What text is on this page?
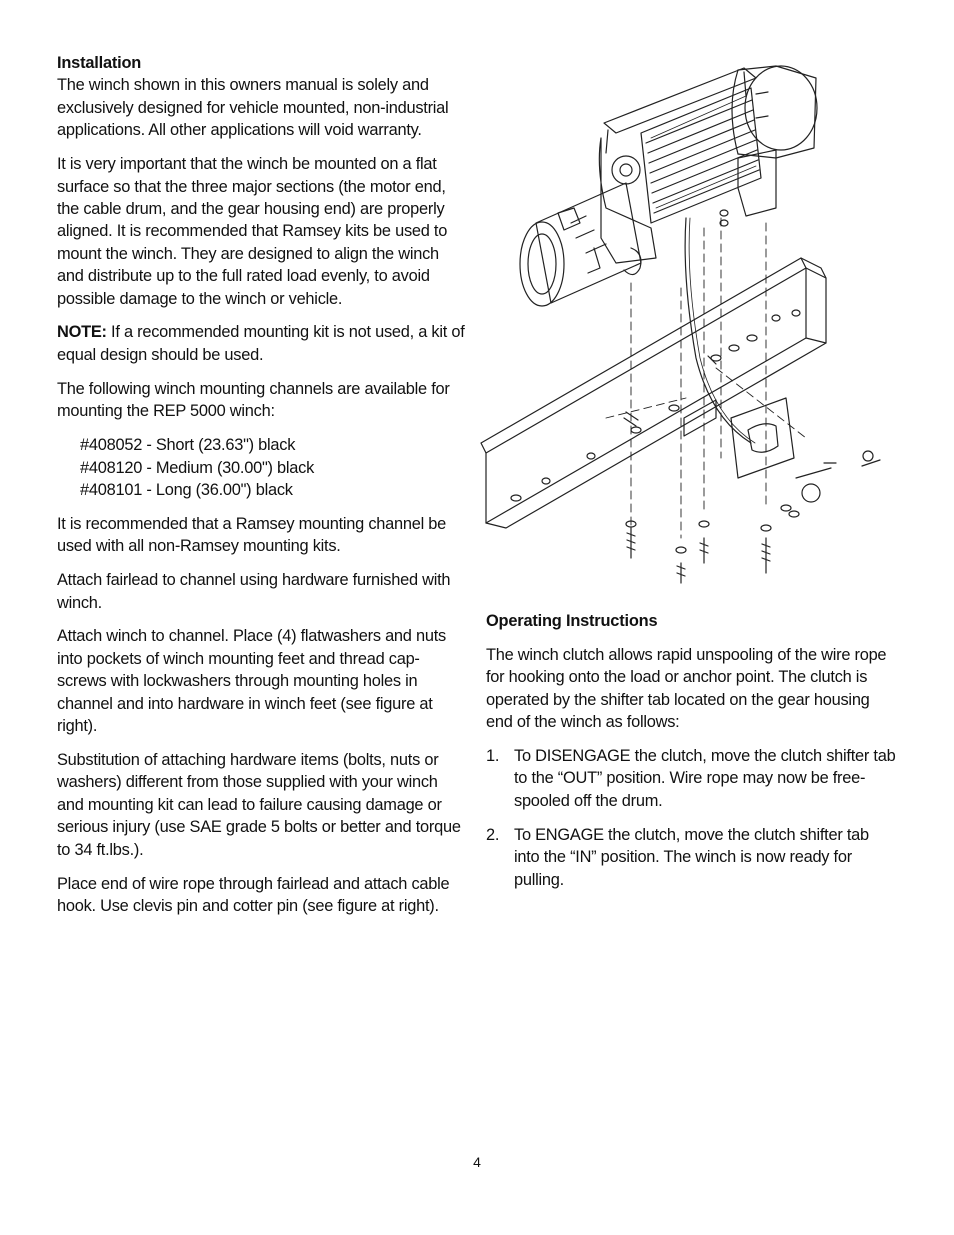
Installation

The winch shown in this owners manual is solely and exclusively designed for vehicle mounted, non-industrial applications. All other applications will void warranty.

It is very important that the winch be mounted on a flat surface so that the three major sections (the motor end, the cable drum, and the gear housing end) are properly aligned. It is recommended that Ramsey kits be used to mount the winch. They are designed to align the winch and distribute up to the full rated load evenly, to avoid possible damage to the winch or vehicle.

NOTE: If a recommended mounting kit is not used, a kit of equal design should be used.

The following winch mounting channels are available for mounting the REP 5000 winch:

#408052 - Short (23.63") black
#408120 - Medium (30.00") black
#408101 - Long (36.00") black

It is recommended that a Ramsey mounting channel be used with all non-Ramsey mounting kits.

Attach fairlead to channel using hardware furnished with winch.

Attach winch to channel. Place (4) flatwashers and nuts into pockets of winch mounting feet and thread cap-screws with lockwashers through mounting holes in channel and into hardware in winch feet (see figure at right).

Substitution of attaching hardware items (bolts, nuts or washers) different from those supplied with your winch and mounting kit can lead to failure causing damage or serious injury (use SAE grade 5 bolts or better and torque to 34 ft.lbs.).

Place end of wire rope through fairlead and attach cable hook. Use clevis pin and cotter pin (see figure at right).

Operating Instructions

The winch clutch allows rapid unspooling of the wire rope for hooking onto the load or anchor point. The clutch is operated by the shifter tab located on the gear housing end of the winch as follows:

1. To DISENGAGE the clutch, move the clutch shifter tab to the “OUT” position. Wire rope may now be free-spooled off the drum.
2. To ENGAGE the clutch, move the clutch shifter tab into the “IN” position. The winch is now ready for pulling.
4
